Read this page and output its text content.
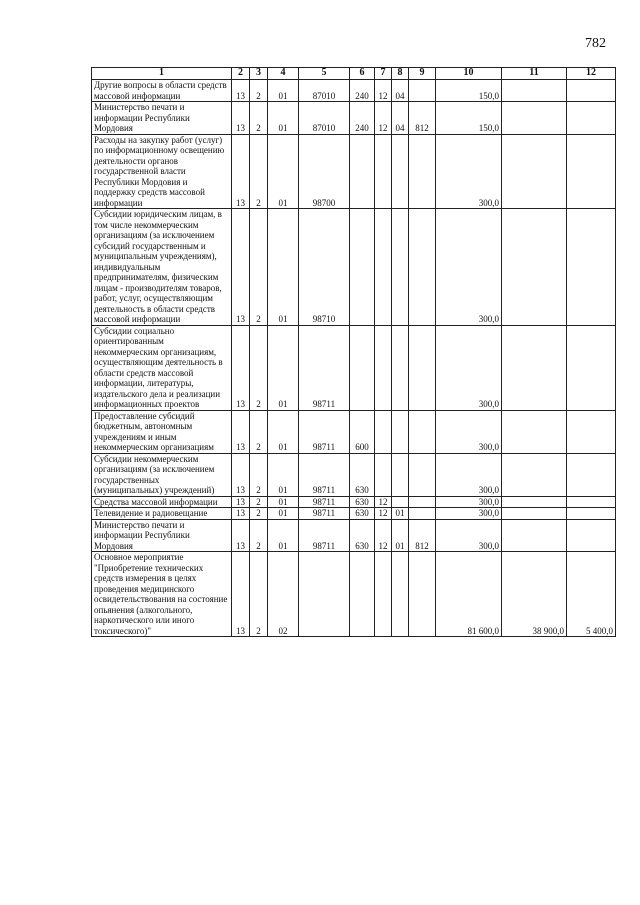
782
1	2	3	4	5	6	7	8	9	10	11	12
Другие вопросы в области средств массовой информации	13	2	01	87010	240	12	04		150,0		
Министерство печати и информации Республики Мордовия	13	2	01	87010	240	12	04	812	150,0		
Расходы на закупку работ (услуг) по информационному освещению деятельности органов государственной власти Республики Мордовия и поддержку средств массовой информации	13	2	01	98700					300,0		
Субсидии юридическим лицам, в том числе некоммерческим организациям (за исключением субсидий государственным и муниципальным учреждениям), индивидуальным предпринимателям, физическим лицам - производителям товаров, работ, услуг, осуществляющим деятельность в области средств массовой информации	13	2	01	98710					300,0		
Субсидии социально ориентированным некоммерческим организациям, осуществляющим деятельность в области средств массовой информации, литературы, издательского дела и реализации информационных проектов	13	2	01	98711					300,0		
Предоставление субсидий бюджетным, автономным учреждениям и иным некоммерческим организациям	13	2	01	98711	600				300,0		
Субсидии некоммерческим организациям (за исключением государственных (муниципальных) учреждений)	13	2	01	98711	630				300,0		
Средства массовой информации	13	2	01	98711	630	12			300,0		
Телевидение и радиовещание	13	2	01	98711	630	12	01		300,0		
Министерство печати и информации Республики Мордовия	13	2	01	98711	630	12	01	812	300,0		
Основное мероприятие "Приобретение технических средств измерения в целях проведения медицинского освидетельствования на состояние опьянения (алкогольного, наркотического или иного токсического)"	13	2	02						81 600,0	38 900,0	5 400,0
